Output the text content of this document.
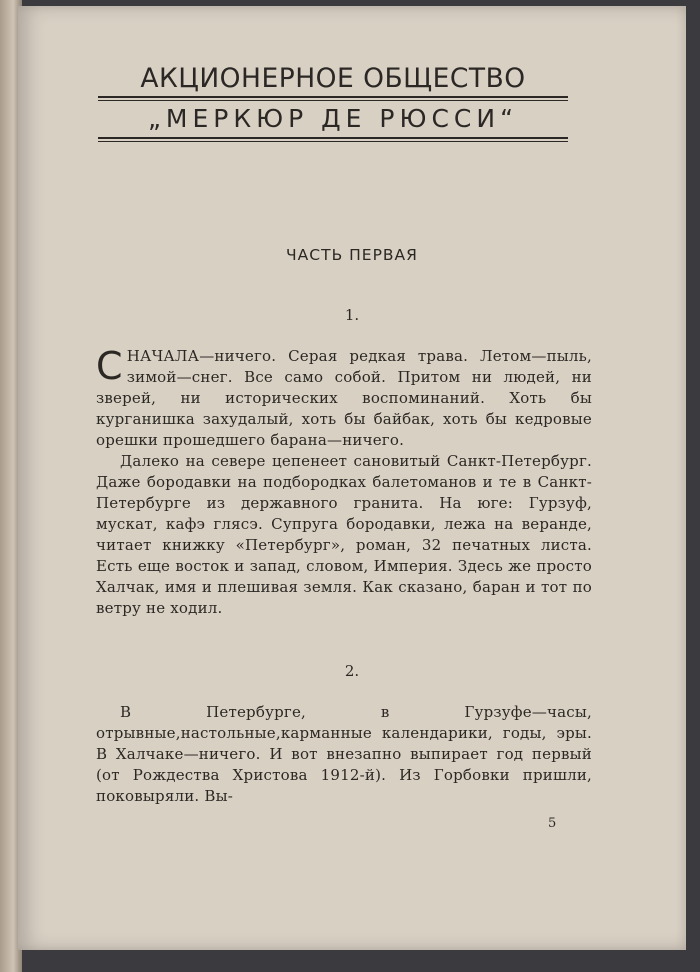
АКЦИОНЕРНОЕ ОБЩЕСТВО
„МЕРКЮР ДЕ РЮССИ“
ЧАСТЬ ПЕРВАЯ
1.

СНАЧАЛА—ничего. Серая редкая трава. Летом—пыль, зимой—снег. Все само собой. Притом ни людей, ни зверей, ни исторических воспоминаний. Хоть бы курганишка захудалый, хоть бы байбак, хоть бы кедровые орешки прошедшего барана—ничего.

Далеко на севере цепенеет сановитый Санкт-Петербург. Даже бородавки на подбородках балетоманов и те в Санкт-Петербурге из державного гранита. На юге: Гурзуф, мускат, кафэ глясэ. Супруга бородавки, лежа на веранде, читает книжку «Петербург», роман, 32 печатных листа. Есть еще восток и запад, словом, Империя. Здесь же просто Халчак, имя и плешивая земля. Как сказано, баран и тот по ветру не ходил.

2.

В Петербурге, в Гурзуфе—часы, отрывные,настольные,карманные календарики, годы, эры. В Халчаке—ничего. И вот внезапно выпирает год первый (от Рождества Христова 1912-й). Из Горбовки пришли, поковыряли. Вы-

5
